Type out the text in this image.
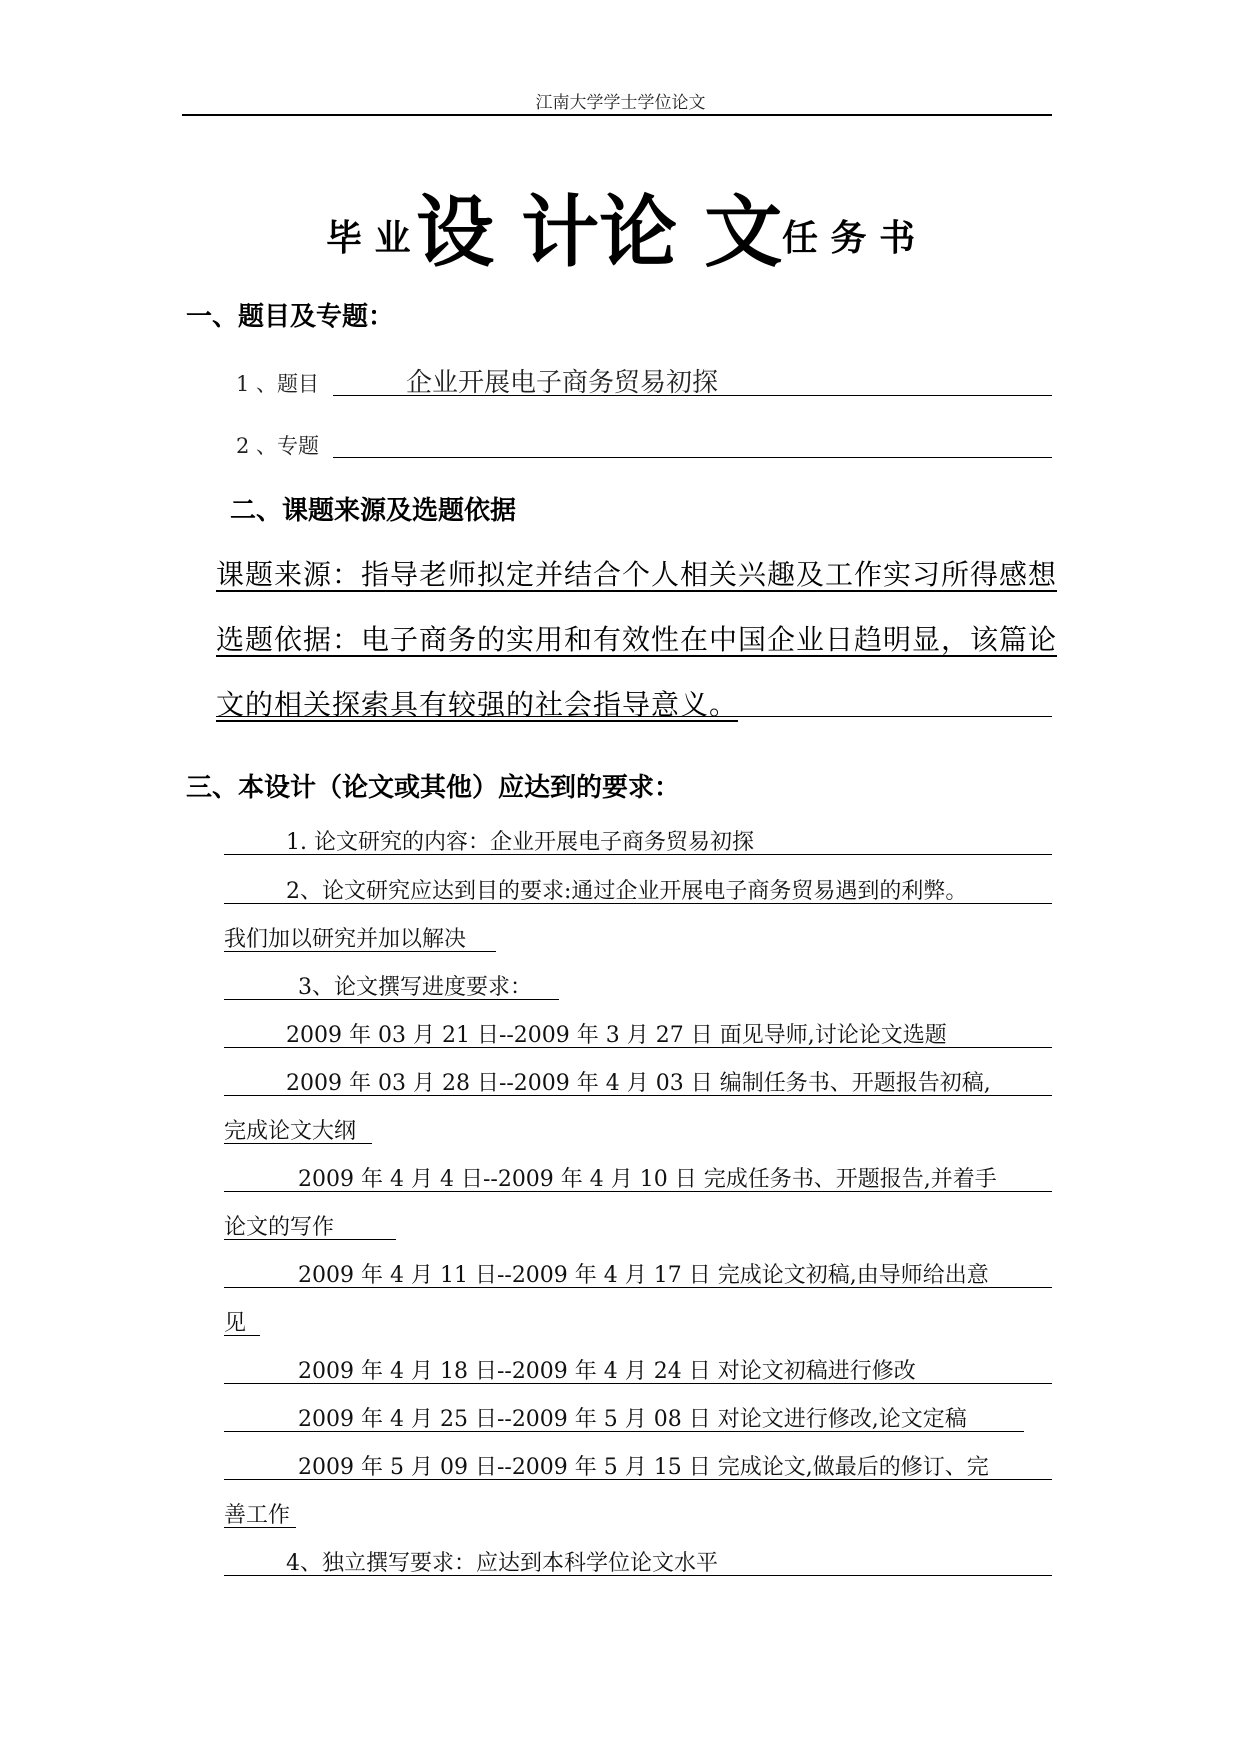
江南大学学士学位论文
毕 业 设 计论 文 任 务 书
一、题目及专题：
1 、题目	企业开展电子商务贸易初探
2 、专题
二、课题来源及选题依据
课题来源：指导老师拟定并结合个人相关兴趣及工作实习所得感想
选题依据：电子商务的实用和有效性在中国企业日趋明显，该篇论
文的相关探索具有较强的社会指导意义。
三、本设计（论文或其他）应达到的要求：
1. 论文研究的内容：企业开展电子商务贸易初探
2、论文研究应达到目的要求:通过企业开展电子商务贸易遇到的利弊。
我们加以研究并加以解决
3、论文撰写进度要求：
2009 年 03 月 21 日--2009 年 3 月 27 日 面见导师,讨论论文选题
2009 年 03 月 28 日--2009 年 4 月 03 日 编制任务书、开题报告初稿,
完成论文大纲
2009 年 4 月 4 日--2009 年 4 月 10 日 完成任务书、开题报告,并着手
论文的写作
2009 年 4 月 11 日--2009 年 4 月 17 日 完成论文初稿,由导师给出意
见
2009 年 4 月 18 日--2009 年 4 月 24 日 对论文初稿进行修改
2009 年 4 月 25 日--2009 年 5 月 08 日 对论文进行修改,论文定稿
2009 年 5 月 09 日--2009 年 5 月 15 日 完成论文,做最后的修订、完
善工作
4、独立撰写要求：应达到本科学位论文水平
